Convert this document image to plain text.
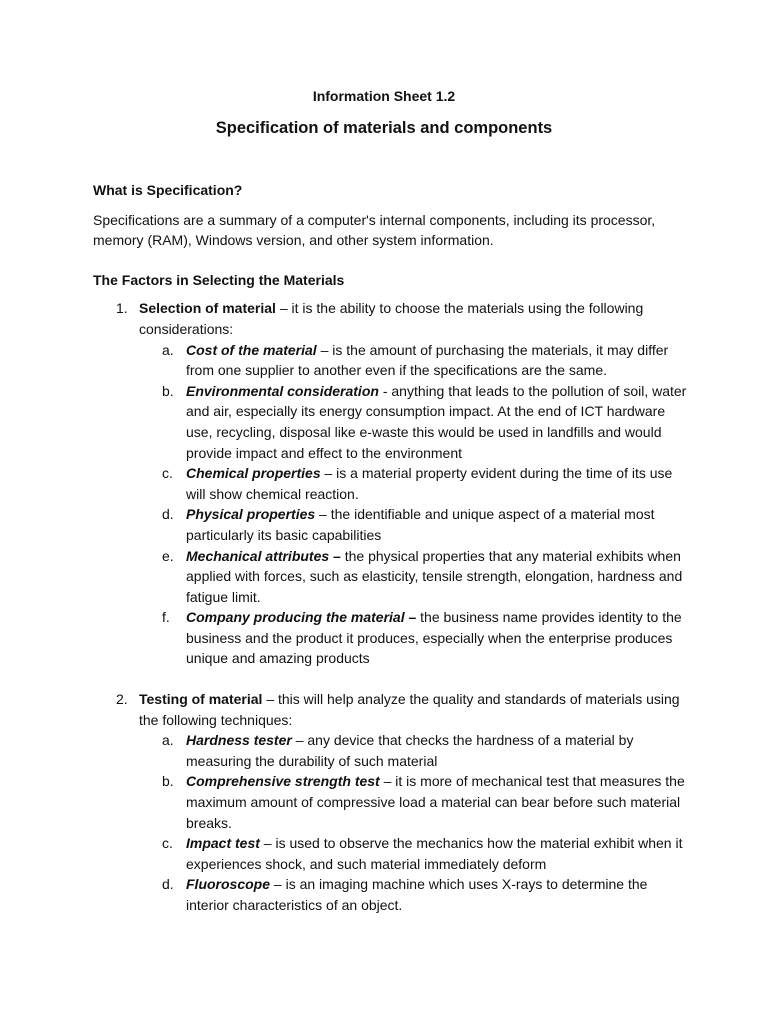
Information Sheet 1.2
Specification of materials and components
What is Specification?

Specifications are a summary of a computer's internal components, including its processor, memory (RAM), Windows version, and other system information.

The Factors in Selecting the Materials
1. Selection of material – it is the ability to choose the materials using the following considerations:
a. Cost of the material – is the amount of purchasing the materials, it may differ from one supplier to another even if the specifications are the same.
b. Environmental consideration - anything that leads to the pollution of soil, water and air, especially its energy consumption impact. At the end of ICT hardware use, recycling, disposal like e-waste this would be used in landfills and would provide impact and effect to the environment
c. Chemical properties – is a material property evident during the time of its use will show chemical reaction.
d. Physical properties – the identifiable and unique aspect of a material most particularly its basic capabilities
e. Mechanical attributes – the physical properties that any material exhibits when applied with forces, such as elasticity, tensile strength, elongation, hardness and fatigue limit.
f. Company producing the material – the business name provides identity to the business and the product it produces, especially when the enterprise produces unique and amazing products
2. Testing of material – this will help analyze the quality and standards of materials using the following techniques:
a. Hardness tester – any device that checks the hardness of a material by measuring the durability of such material
b. Comprehensive strength test – it is more of mechanical test that measures the maximum amount of compressive load a material can bear before such material breaks.
c. Impact test – is used to observe the mechanics how the material exhibit when it experiences shock, and such material immediately deform
d. Fluoroscope – is an imaging machine which uses X-rays to determine the interior characteristics of an object.
